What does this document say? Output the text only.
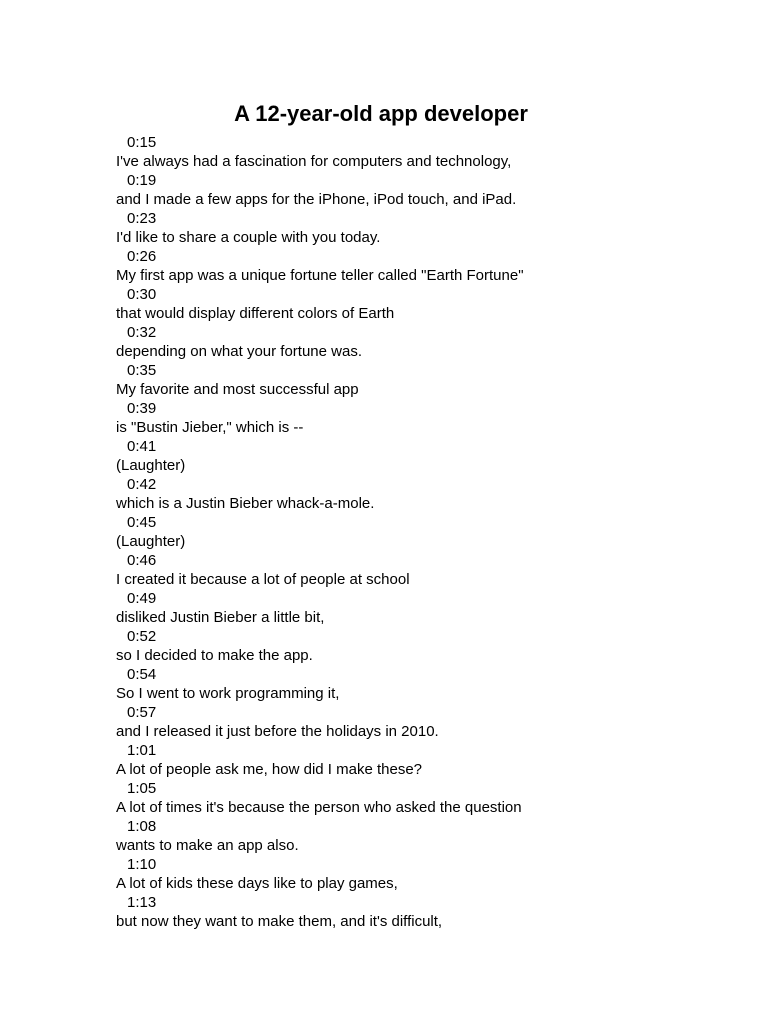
A 12-year-old app developer
0:15
I've always had a fascination for computers and technology,
0:19
and I made a few apps for the iPhone, iPod touch, and iPad.
0:23
I'd like to share a couple with you today.
0:26
My first app was a unique fortune teller called "Earth Fortune"
0:30
that would display different colors of Earth
0:32
depending on what your fortune was.
0:35
My favorite and most successful app
0:39
is "Bustin Jieber," which is --
0:41
(Laughter)
0:42
which is a Justin Bieber whack-a-mole.
0:45
(Laughter)
0:46
I created it because a lot of people at school
0:49
disliked Justin Bieber a little bit,
0:52
so I decided to make the app.
0:54
So I went to work programming it,
0:57
and I released it just before the holidays in 2010.
1:01
A lot of people ask me, how did I make these?
1:05
A lot of times it's because the person who asked the question
1:08
wants to make an app also.
1:10
A lot of kids these days like to play games,
1:13
but now they want to make them, and it's difficult,
